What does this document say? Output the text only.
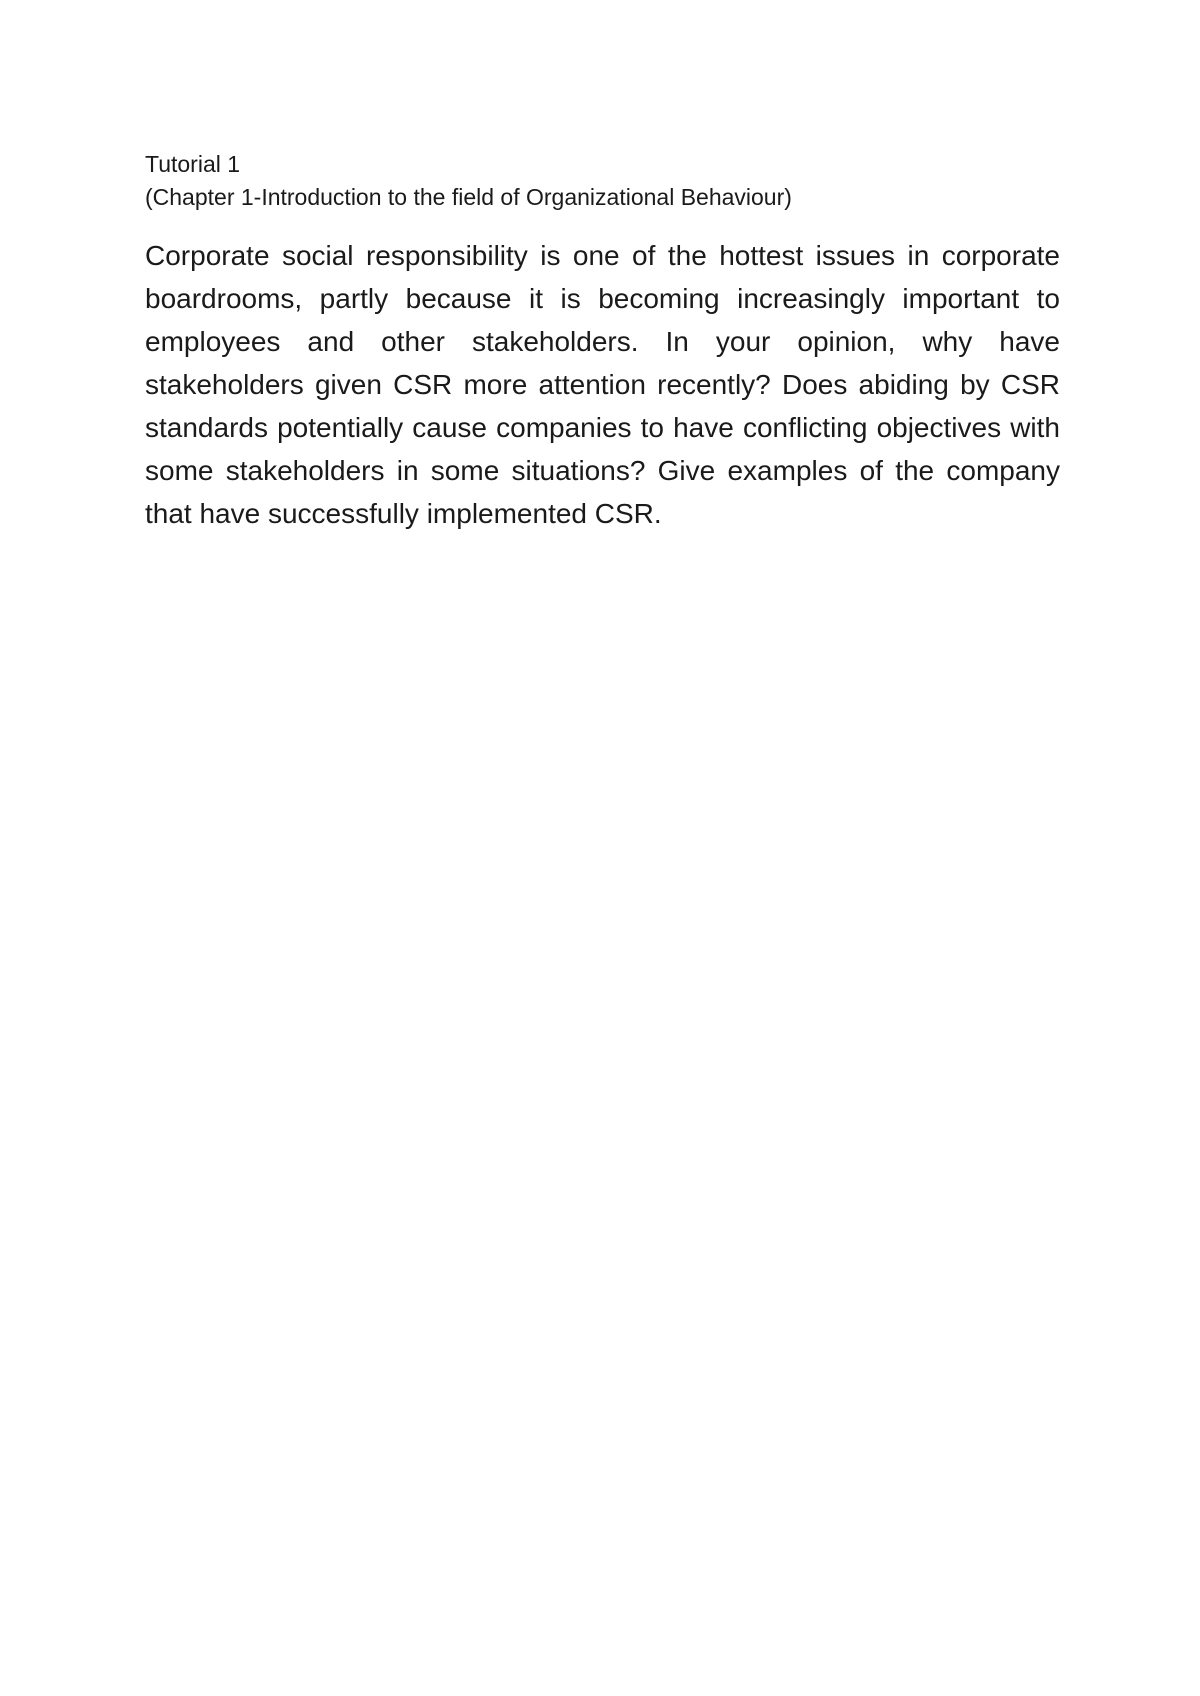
Tutorial 1

(Chapter 1-Introduction to the field of Organizational Behaviour)

Corporate social responsibility is one of the hottest issues in corporate boardrooms, partly because it is becoming increasingly important to employees and other stakeholders. In your opinion, why have stakeholders given CSR more attention recently? Does abiding by CSR standards potentially cause companies to have conflicting objectives with some stakeholders in some situations? Give examples of the company that have successfully implemented CSR.
